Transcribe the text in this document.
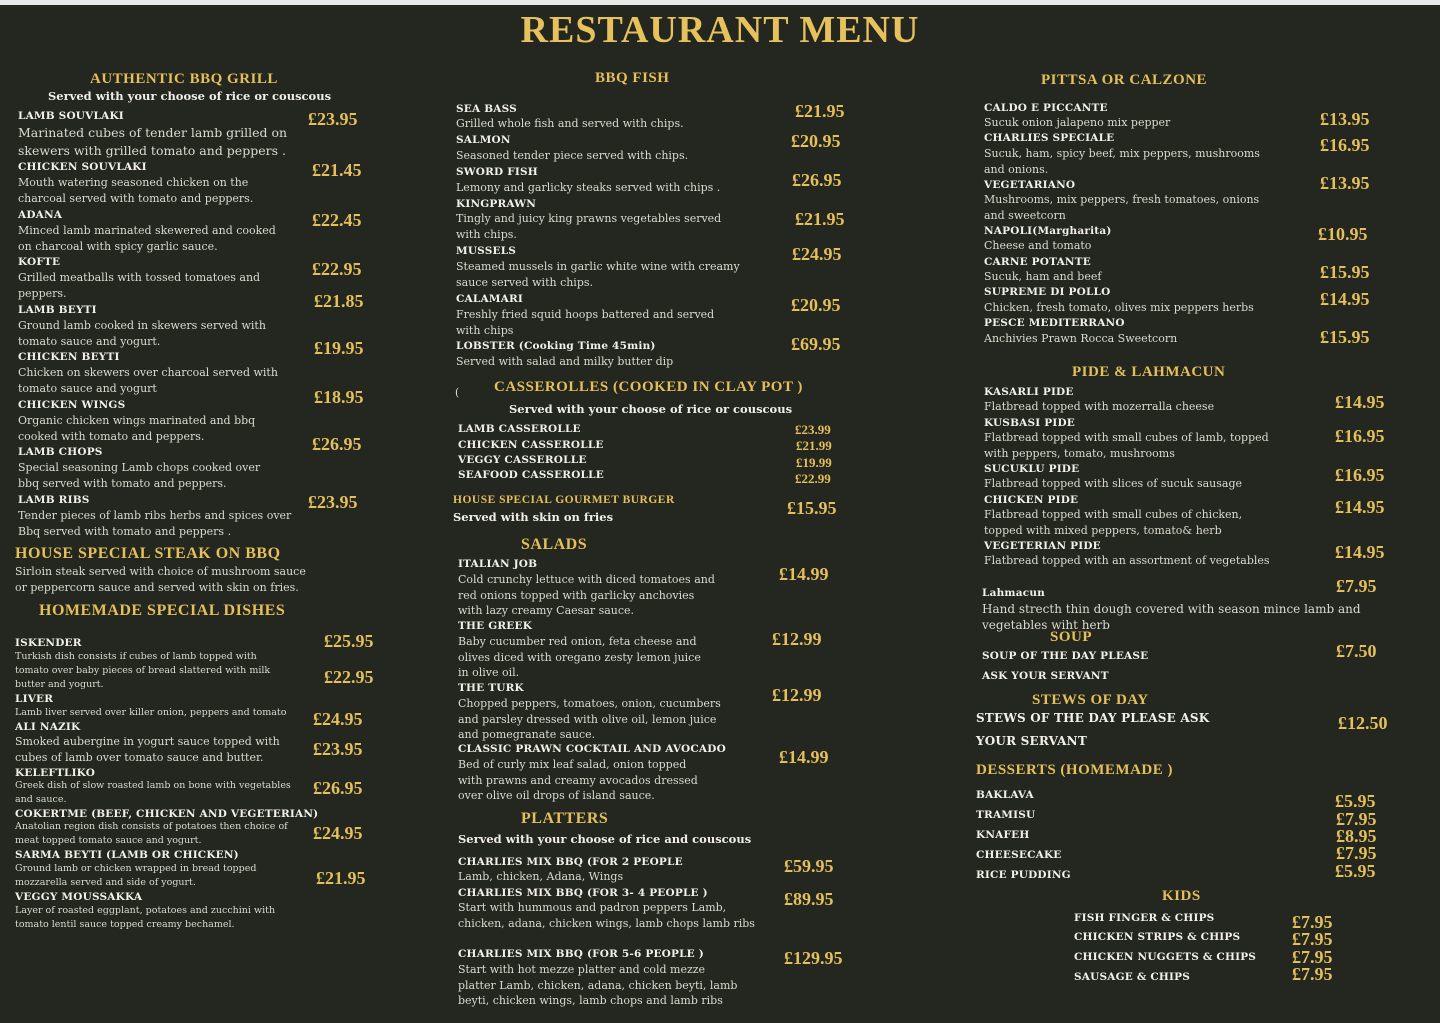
RESTAURANT MENU
AUTHENTIC BBQ GRILL
Served with your choose of rice or couscous
LAMB SOUVLAKI
Marinated cubes of tender lamb grilled on skewers with grilled tomato and peppers .
£23.95
CHICKEN SOUVLAKI
Mouth watering seasoned chicken on the charcoal served with tomato and peppers.
£21.45
ADANA
Minced lamb marinated skewered and cooked on charcoal with spicy garlic sauce.
£22.45
KOFTE
Grilled meatballs with tossed tomatoes and peppers.
£22.95
LAMB BEYTI
Ground lamb cooked in skewers served with tomato sauce and yogurt.
£21.85
CHICKEN BEYTI
Chicken on skewers over charcoal served with tomato sauce and yogurt
£19.95
CHICKEN WINGS
Organic chicken wings marinated and bbq cooked with tomato and peppers.
£18.95
LAMB CHOPS
Special seasoning Lamb chops cooked over bbq served with tomato and peppers.
£26.95
LAMB RIBS
Tender pieces of lamb ribs herbs and spices over Bbq served with tomato and peppers .
£23.95
HOUSE SPECIAL STEAK ON BBQ
Sirloin steak served with choice of mushroom sauce or peppercorn sauce and served with skin on fries.
HOMEMADE SPECIAL DISHES
ISKENDER
Turkish dish consists if cubes of lamb topped with tomato over baby pieces of bread slattered with milk butter and yogurt.
£25.95
£22.95
LIVER
Lamb liver served over killer onion, peppers and tomato	£24.95
ALI NAZIK
Smoked aubergine in yogurt sauce topped with cubes of lamb over tomato sauce and butter.	£23.95
KELEFTLIKO
Greek dish of slow roasted lamb on bone with vegetables and sauce.
£26.95
COKERTME (BEEF, CHICKEN AND VEGETERIAN)
Anatolian region dish consists of potatoes then choice of meat topped tomato sauce and yogurt.	£24.95
SARMA BEYTI (LAMB OR CHICKEN)
Ground lamb or chicken wrapped in bread topped mozzarella served and side of yogurt.	£21.95
VEGGY MOUSSAKKA
Layer of roasted eggplant, potatoes and zucchini with tomato lentil sauce topped creamy bechamel.
BBQ FISH
SEA BASS
Grilled whole fish and served with chips.
£21.95
SALMON
Seasoned tender piece served with chips.
£20.95
SWORD FISH
Lemony and garlicky steaks served with chips .	£26.95
KINGPRAWN
Tingly and juicy king prawns vegetables served with chips.
£21.95
MUSSELS
Steamed mussels in garlic white wine with creamy sauce served with chips.
£24.95
CALAMARI
Freshly fried squid hoops battered and served with chips
£20.95
LOBSTER (Cooking Time 45min)
Served with salad and milky butter dip
£69.95
( CASSEROLLES (COOKED IN CLAY POT )
Served with your choose of rice or couscous
LAMB CASSEROLLE	£23.99
CHICKEN CASSEROLLE	£21.99
VEGGY CASSEROLLE	£19.99
SEAFOOD CASSEROLLE	£22.99
HOUSE SPECIAL GOURMET BURGER
Served with skin on fries	£15.95
SALADS
ITALIAN JOB
Cold crunchy lettuce with diced tomatoes and red onions topped with garlicky anchovies with lazy creamy Caesar sauce.
£14.99
THE GREEK
Baby cucumber red onion, feta cheese and olives diced with oregano zesty lemon juice in olive oil.
£12.99
THE TURK
Chopped peppers, tomatoes, onion, cucumbers and parsley dressed with olive oil, lemon juice and pomegranate sauce.
£12.99
CLASSIC PRAWN COCKTAIL AND AVOCADO
Bed of curly mix leaf salad, onion topped with prawns and creamy avocados dressed over olive oil drops of island sauce.
£14.99
PLATTERS
Served with your choose of rice and couscous
CHARLIES MIX BBQ (FOR 2 PEOPLE
Lamb, chicken, Adana, Wings
£59.95
CHARLIES MIX BBQ (FOR 3- 4 PEOPLE )
Start with hummous and padron peppers Lamb, chicken, adana, chicken wings, lamb chops lamb ribs
£89.95
CHARLIES MIX BBQ (FOR 5-6 PEOPLE )
Start with hot mezze platter and cold mezze platter Lamb, chicken, adana, chicken beyti, lamb beyti, chicken wings, lamb chops and lamb ribs
£129.95
PITTSA OR CALZONE
CALDO E PICCANTE
Sucuk onion jalapeno mix pepper	£13.95
CHARLIES SPECIALE
Sucuk, ham, spicy beef, mix peppers, mushrooms and onions.
£16.95
VEGETARIANO
Mushrooms, mix peppers, fresh tomatoes, onions and sweetcorn
£13.95
NAPOLI(Margharita)
Cheese and tomato
£10.95
CARNE POTANTE
Sucuk, ham and beef	£15.95
SUPREME DI POLLO
Chicken, fresh tomato, olives mix peppers herbs	£14.95
PESCE MEDITERRANO
Anchivies Prawn Rocca Sweetcorn	£15.95
PIDE & LAHMACUN
KASARLI PIDE
Flatbread topped with mozerralla cheese	£14.95
KUSBASI PIDE
Flatbread topped with small cubes of lamb, topped with peppers, tomato, mushrooms
£16.95
SUCUKLU PIDE
Flatbread topped with slices of sucuk sausage	£16.95
CHICKEN PIDE
Flatbread topped with small cubes of chicken, topped with mixed peppers, tomato& herb
£14.95
VEGETERIAN PIDE
Flatbread topped with an assortment of vegetables	£14.95
Lahmacun
Hand strecth thin dough covered with season mince lamb and vegetables wiht herb
£7.95
SOUP
SOUP OF THE DAY PLEASE
ASK YOUR SERVANT
£7.50
STEWS OF DAY
STEWS OF THE DAY PLEASE ASK
YOUR SERVANT
£12.50
DESSERTS (HOMEMADE )
BAKLAVA	£5.95
TRAMISU	£7.95
KNAFEH	£8.95
CHEESECAKE	£7.95
RICE PUDDING	£5.95
KIDS
FISH FINGER & CHIPS	£7.95
CHICKEN STRIPS & CHIPS	£7.95
CHICKEN NUGGETS & CHIPS £7.95
SAUSAGE & CHIPS	£7.95
